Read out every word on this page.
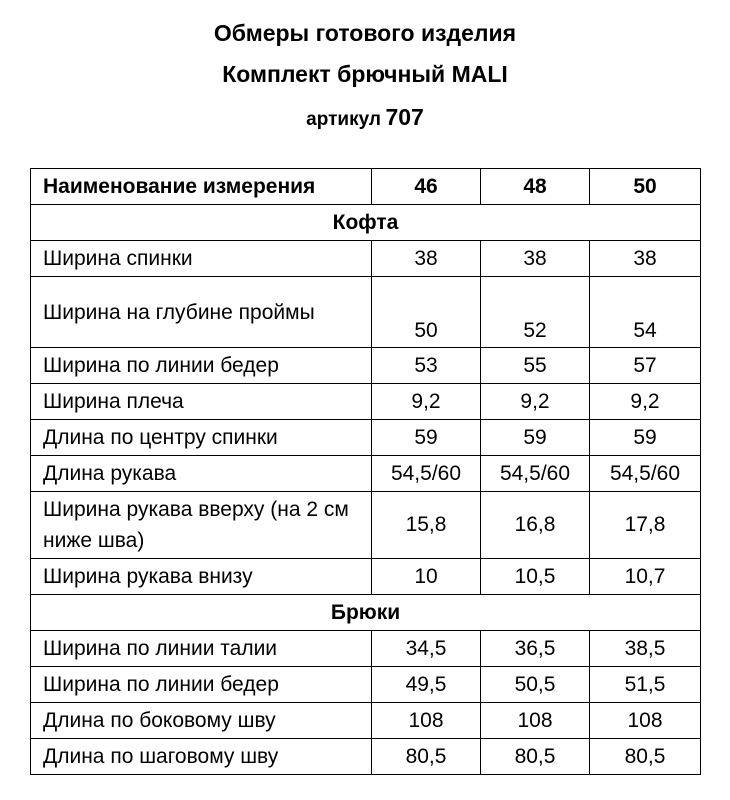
Обмеры готового изделия
Комплект брючный MALI
артикул 707
Наименование измерения	46	48	50
Кофта			
Ширина спинки	38	38	38
Ширина на глубине проймы	50	52	54
Ширина по линии бедер	53	55	57
Ширина плеча	9,2	9,2	9,2
Длина по центру спинки	59	59	59
Длина рукава	54,5/60	54,5/60	54,5/60
Ширина рукава вверху (на 2 см ниже шва)	15,8	16,8	17,8
Ширина рукава внизу	10	10,5	10,7
Брюки			
Ширина по линии талии	34,5	36,5	38,5
Ширина по линии бедер	49,5	50,5	51,5
Длина по боковому шву	108	108	108
Длина по шаговому шву	80,5	80,5	80,5
